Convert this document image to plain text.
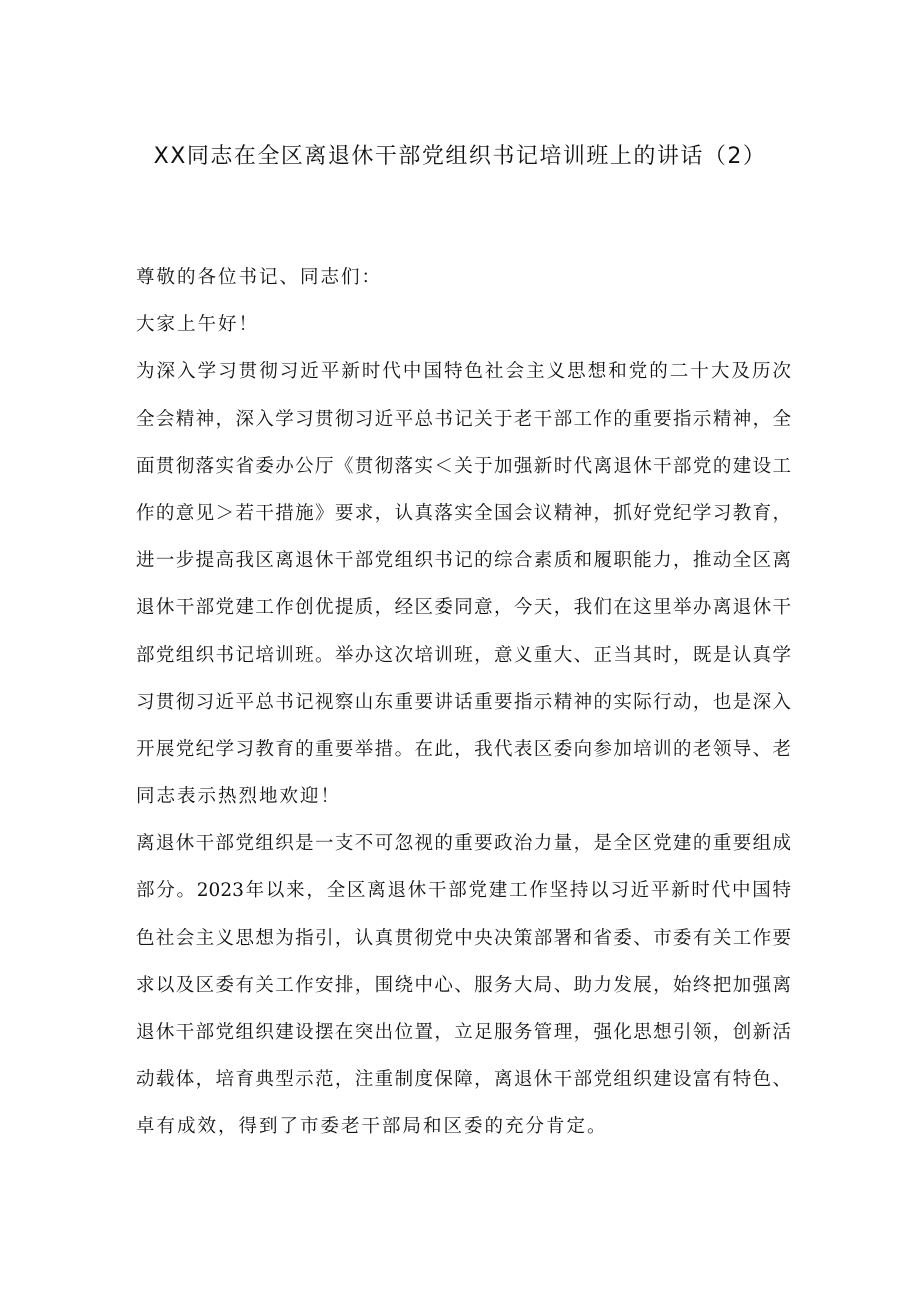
XX同志在全区离退休干部党组织书记培训班上的讲话（2）
尊敬的各位书记、同志们：
大家上午好！
为深入学习贯彻习近平新时代中国特色社会主义思想和党的二十大及历次
全会精神，深入学习贯彻习近平总书记关于老干部工作的重要指示精神，全
面贯彻落实省委办公厅《贯彻落实＜关于加强新时代离退休干部党的建设工
作的意见＞若干措施》要求，认真落实全国会议精神，抓好党纪学习教育，
进一步提高我区离退休干部党组织书记的综合素质和履职能力，推动全区离
退休干部党建工作创优提质，经区委同意，今天，我们在这里举办离退休干
部党组织书记培训班。举办这次培训班，意义重大、正当其时，既是认真学
习贯彻习近平总书记视察山东重要讲话重要指示精神的实际行动，也是深入
开展党纪学习教育的重要举措。在此，我代表区委向参加培训的老领导、老
同志表示热烈地欢迎！
离退休干部党组织是一支不可忽视的重要政治力量，是全区党建的重要组成
部分。2023年以来，全区离退休干部党建工作坚持以习近平新时代中国特
色社会主义思想为指引，认真贯彻党中央决策部署和省委、市委有关工作要
求以及区委有关工作安排，围绕中心、服务大局、助力发展，始终把加强离
退休干部党组织建设摆在突出位置，立足服务管理，强化思想引领，创新活
动载体，培育典型示范，注重制度保障，离退休干部党组织建设富有特色、
卓有成效，得到了市委老干部局和区委的充分肯定。
